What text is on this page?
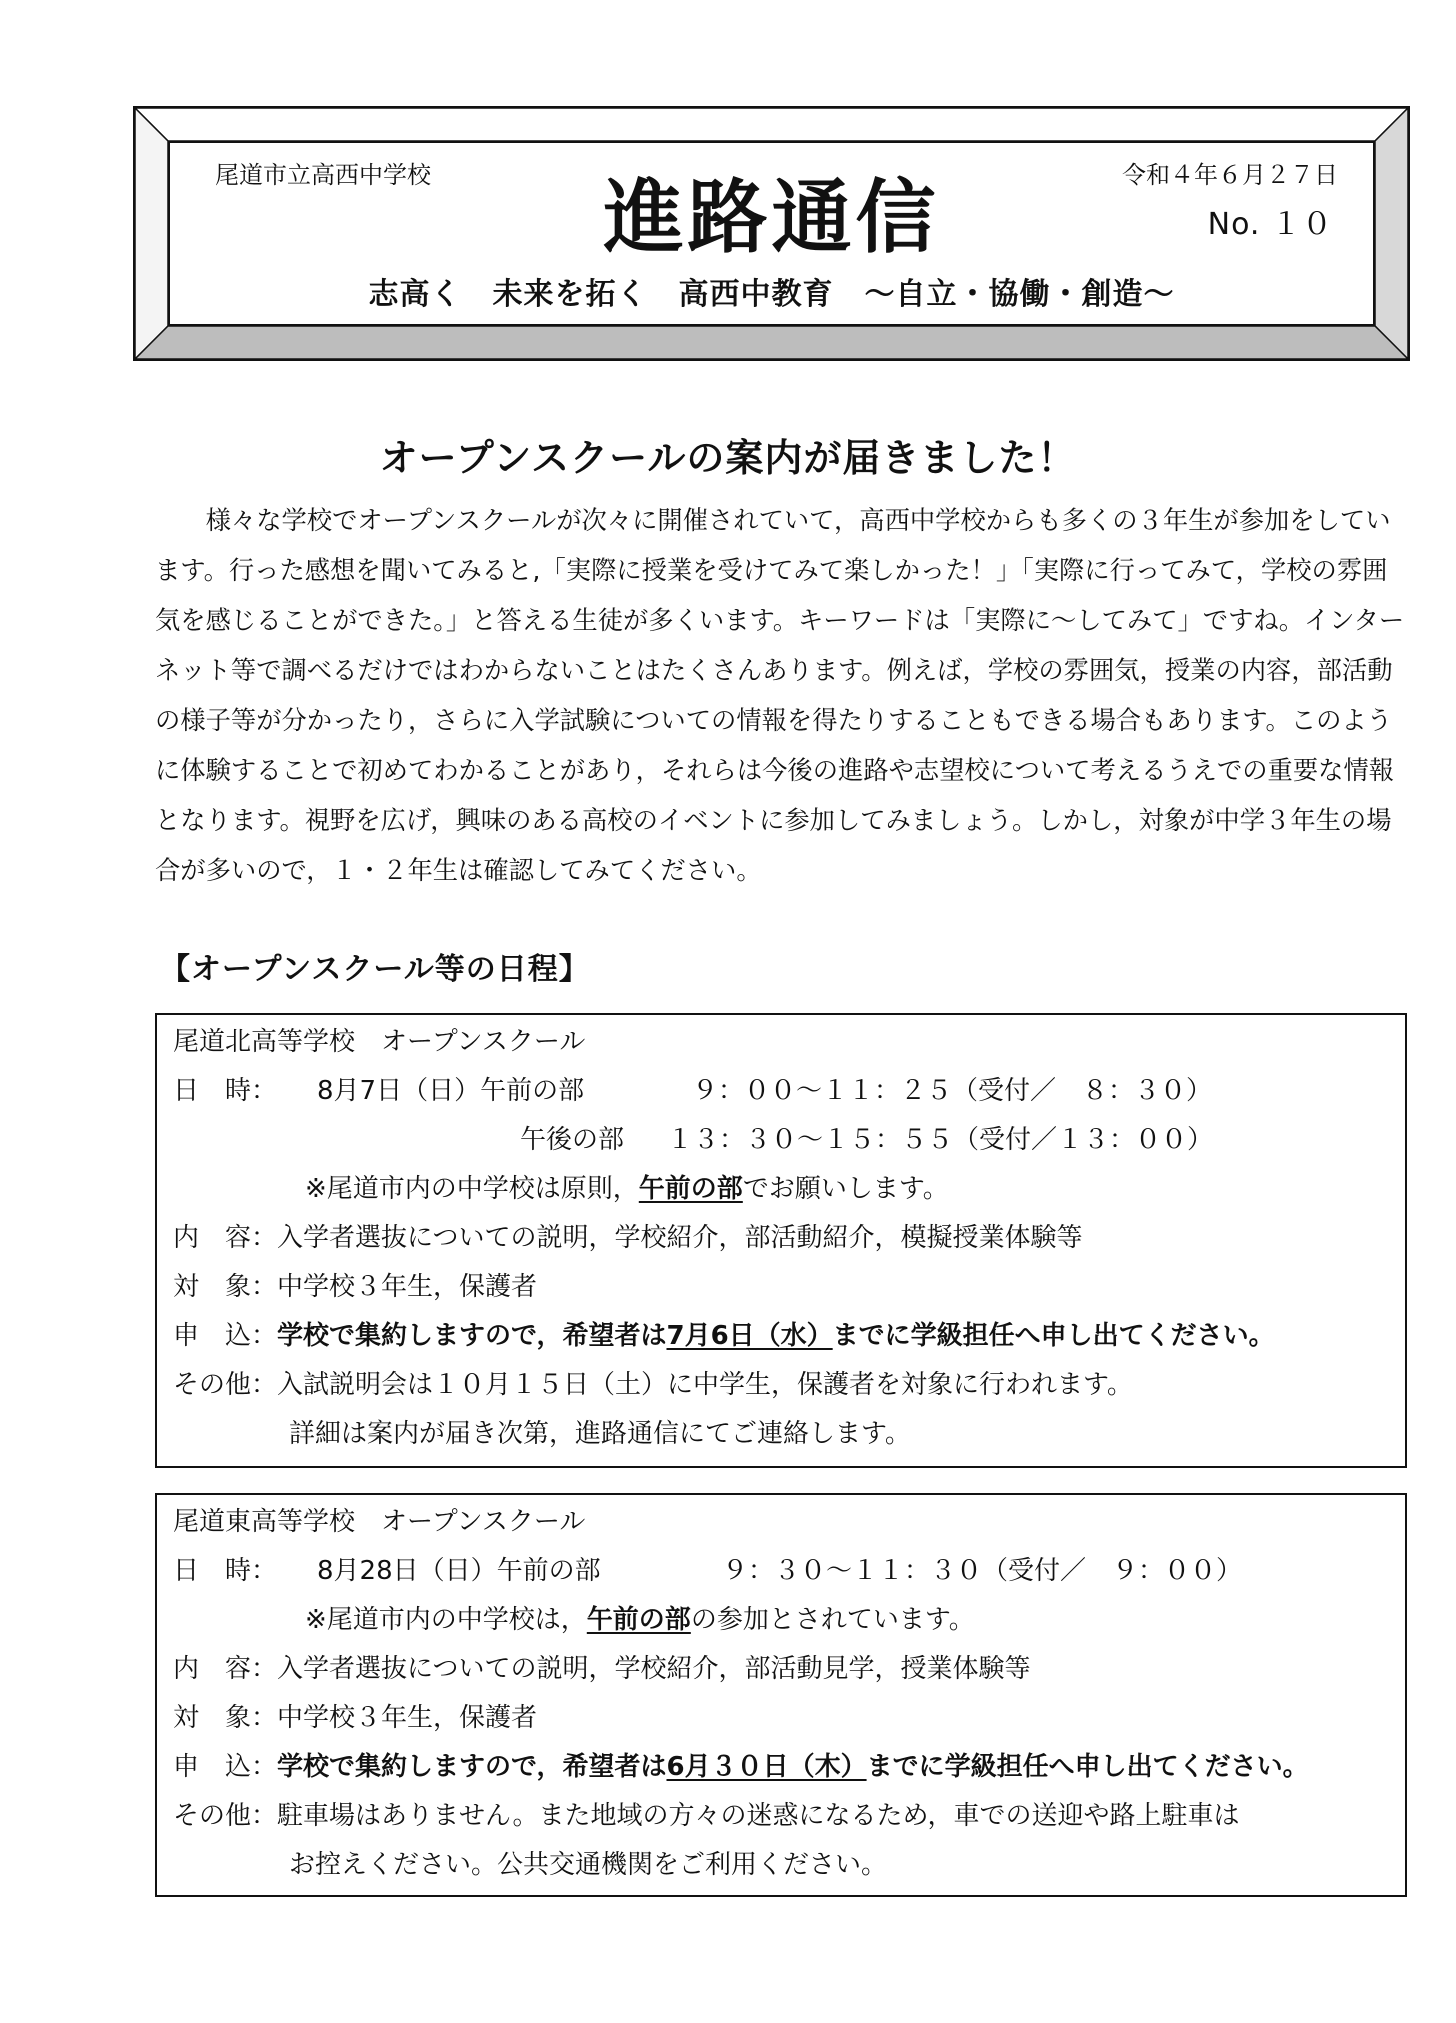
尾道市立高西中学校	令和４年６月２７日
進路通信	No. １０
志高く　未来を拓く　高西中教育　～自立・協働・創造～
オープンスクールの案内が届きました！

様々な学校でオープンスクールが次々に開催されていて，高西中学校からも多くの３年生が参加をしています。行った感想を聞いてみると,「実際に授業を受けてみて楽しかった！」「実際に行ってみて，学校の雰囲気を感じることができた。」と答える生徒が多くいます。キーワードは「実際に～してみて」ですね。インターネット等で調べるだけではわからないことはたくさんあります。例えば，学校の雰囲気，授業の内容，部活動の様子等が分かったり，さらに入学試験についての情報を得たりすることもできる場合もあります。このように体験することで初めてわかることがあり，それらは今後の進路や志望校について考えるうえでの重要な情報となります。視野を広げ，興味のある高校のイベントに参加してみましょう。しかし，対象が中学３年生の場合が多いので，１・２年生は確認してみてください。

【オープンスクール等の日程】
尾道北高等学校　オープンスクール
日　時： 8月7日（日）午前の部	９：００～１１：２５（受付／　８：３０）
午後の部 １３：３０～１５：５５（受付／１３：００）
※尾道市内の中学校は原則，午前の部でお願いします。
内　容： 入学者選抜についての説明，学校紹介，部活動紹介，模擬授業体験等
対　象： 中学校３年生，保護者
申　込： 学校で集約しますので，希望者は7月6日（水）までに学級担任へ申し出てください。
その他： 入試説明会は１０月１５日（土）に中学生，保護者を対象に行われます。
詳細は案内が届き次第，進路通信にてご連絡します。
尾道東高等学校　オープンスクール
日　時： 8月28日（日）午前の部	９：３０～１１：３０（受付／　９：００）
※尾道市内の中学校は，午前の部の参加とされています。
内　容： 入学者選抜についての説明，学校紹介，部活動見学，授業体験等
対　象： 中学校３年生，保護者
申　込： 学校で集約しますので，希望者は6月３０日（木）までに学級担任へ申し出てください。
その他： 駐車場はありません。また地域の方々の迷惑になるため，車での送迎や路上駐車は
お控えください。公共交通機関をご利用ください。
